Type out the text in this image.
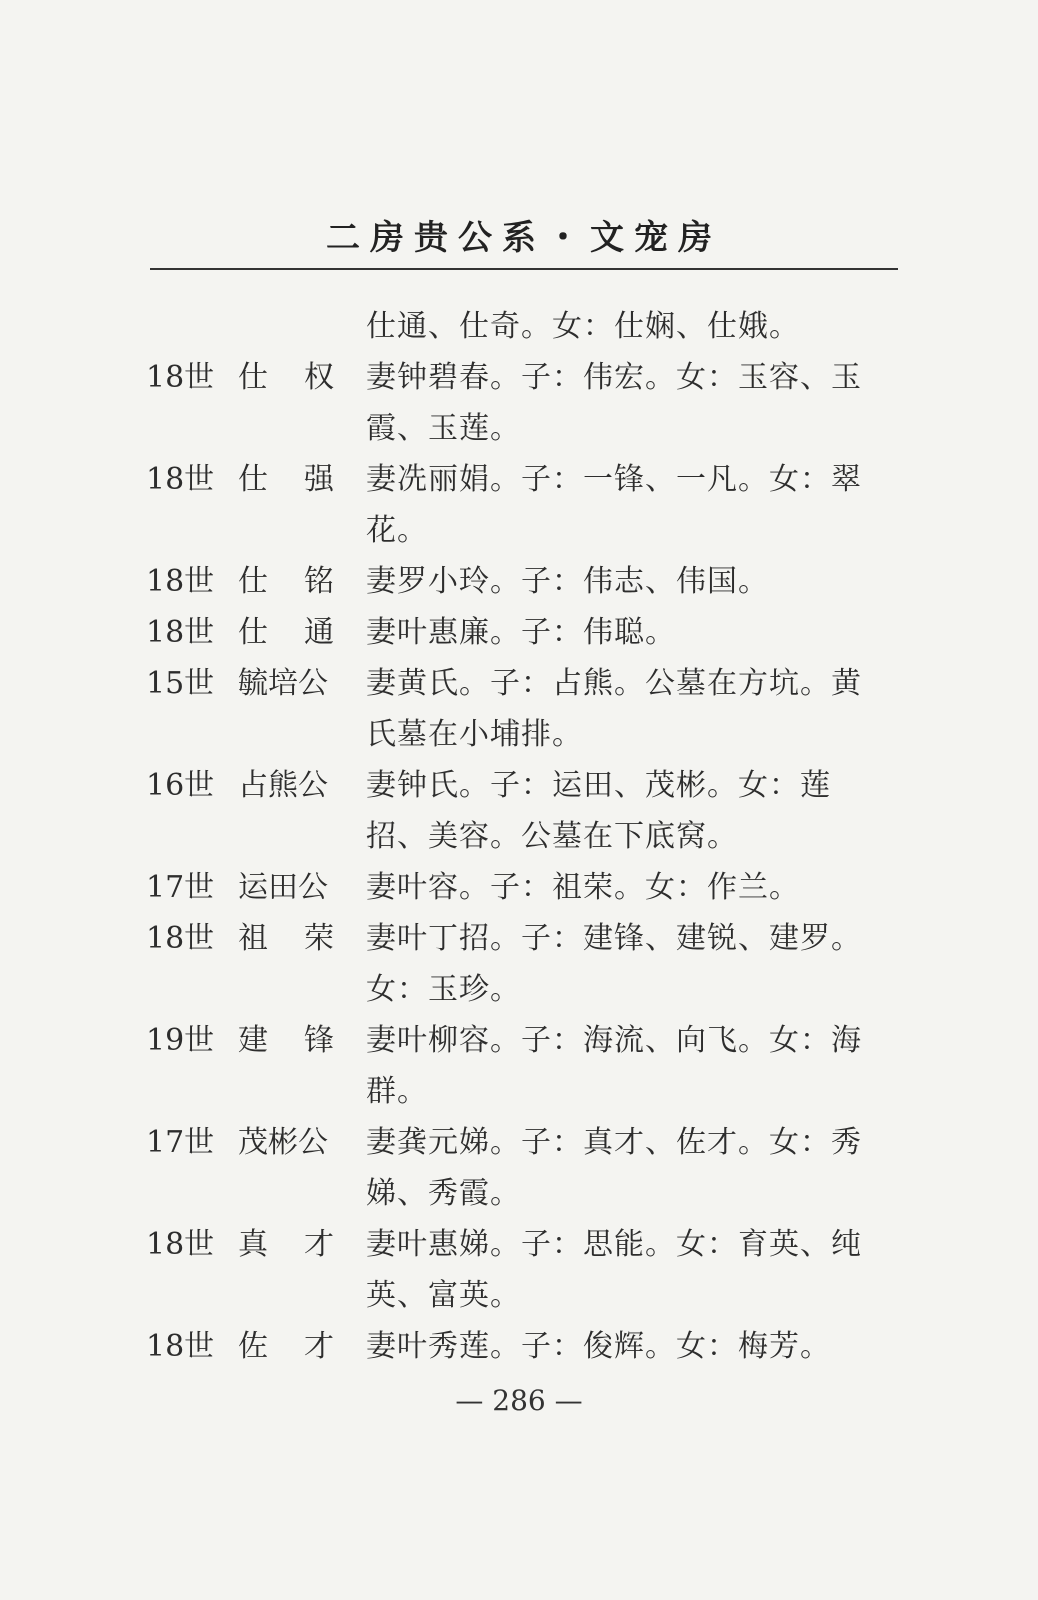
二房贵公系・文宠房
仕通、仕奇。女：仕娴、仕娥。
18世 仕 权 妻钟碧春。子：伟宏。女：玉容、玉
霞、玉莲。
18世 仕 强 妻冼丽娟。子：一锋、一凡。女：翠
花。
18世 仕 铭 妻罗小玲。子：伟志、伟国。
18世 仕 通 妻叶惠廉。子：伟聪。
15世 毓培公	妻黄氏。子：占熊。公墓在方坑。黄
氏墓在小埔排。
16世 占熊公	妻钟氏。子：运田、茂彬。女：莲
招、美容。公墓在下底窝。
17世 运田公	妻叶容。子：祖荣。女：作兰。
18世 祖 荣 妻叶丁招。子：建锋、建锐、建罗。
女：玉珍。
19世 建 锋 妻叶柳容。子：海流、向飞。女：海
群。
17世 茂彬公	妻龚元娣。子：真才、佐才。女：秀
娣、秀霞。
18世 真 才 妻叶惠娣。子：思能。女：育英、纯
英、富英。
18世 佐 才 妻叶秀莲。子：俊辉。女：梅芳。
— 286 —
